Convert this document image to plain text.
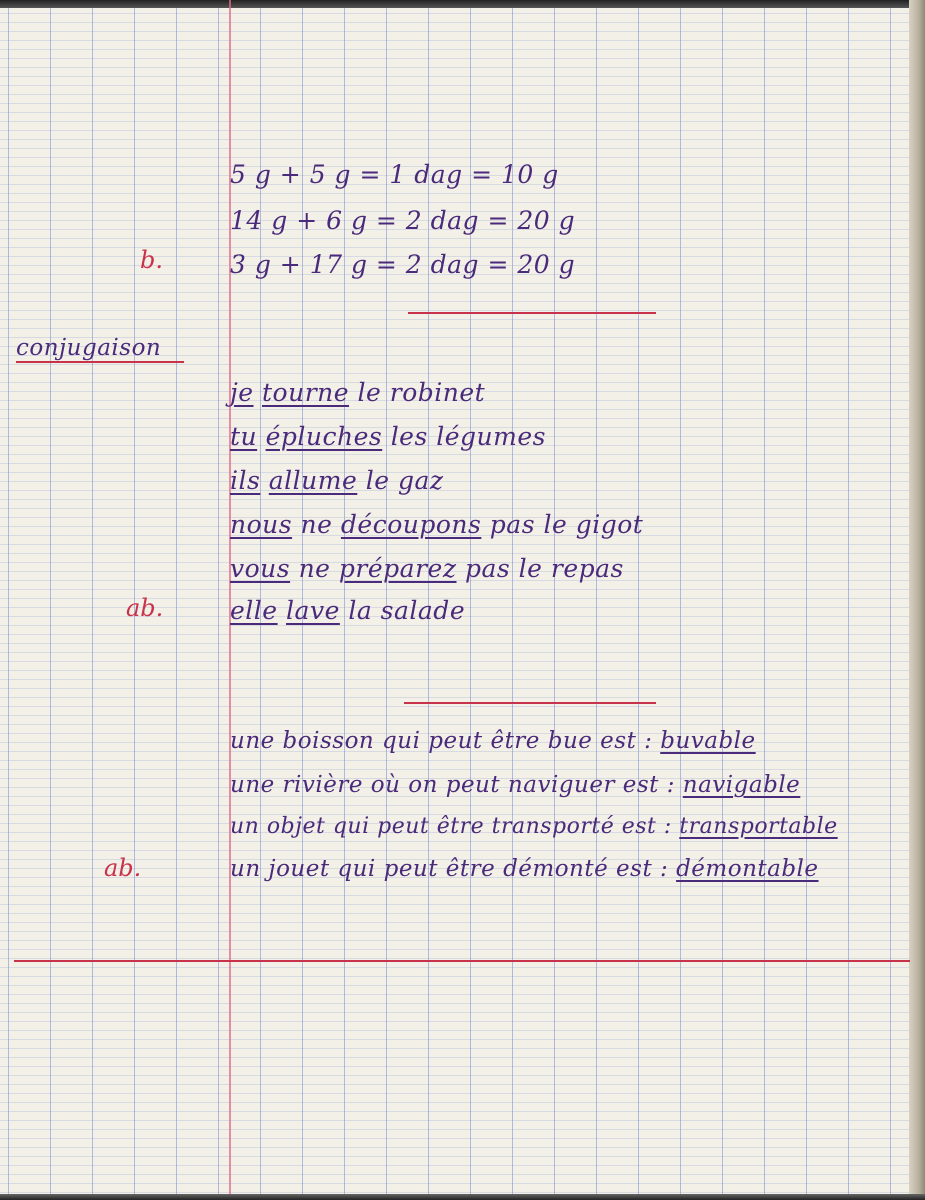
5 g + 5 g = 1 dag = 10 g
14 g + 6 g = 2 dag = 20 g
3 g + 17 g = 2 dag = 20 g
b.
conjugaison
je tourne le robinet
tu épluches les légumes
ils allume le gaz
nous ne découpons pas le gigot
vous ne préparez pas le repas
elle lave la salade
ab.
une boisson qui peut être bue est : buvable
une rivière où on peut naviguer est : navigable
un objet qui peut être transporté est : transportable
un jouet qui peut être démonté est : démontable
ab.
